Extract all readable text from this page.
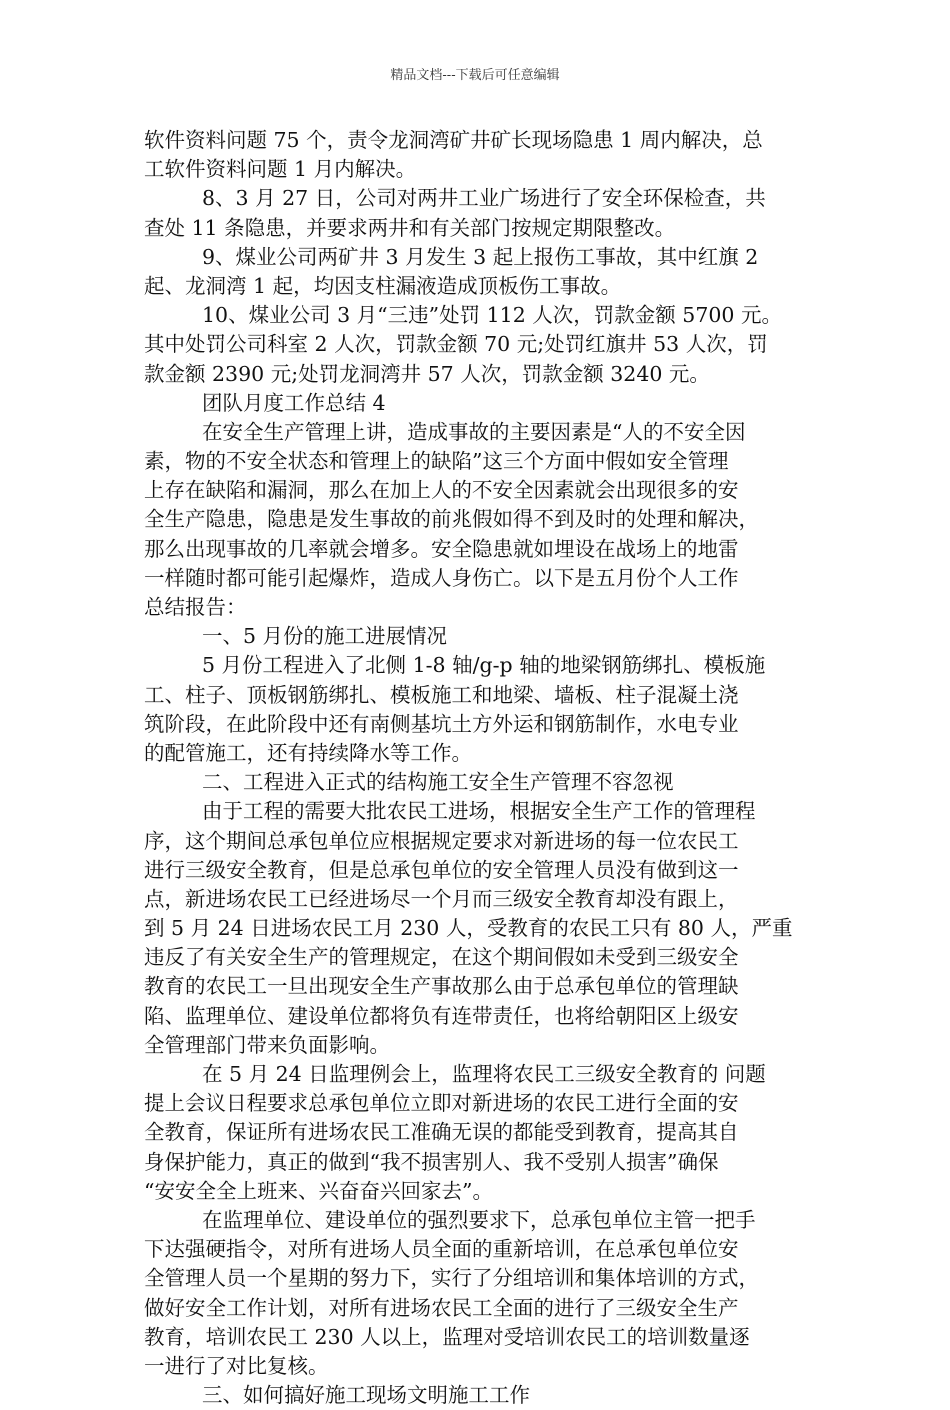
精品文档---下载后可任意编辑
软件资料问题 75 个，责令龙洞湾矿井矿长现场隐患 1 周内解决，总
工软件资料问题 1 月内解决。
8、3 月 27 日，公司对两井工业广场进行了安全环保检查，共
查处 11 条隐患，并要求两井和有关部门按规定期限整改。
9、煤业公司两矿井 3 月发生 3 起上报伤工事故，其中红旗 2
起、龙洞湾 1 起，均因支柱漏液造成顶板伤工事故。
10、煤业公司 3 月“三违”处罚 112 人次，罚款金额 5700 元。
其中处罚公司科室 2 人次，罚款金额 70 元;处罚红旗井 53 人次，罚
款金额 2390 元;处罚龙洞湾井 57 人次，罚款金额 3240 元。
团队月度工作总结 4
在安全生产管理上讲，造成事故的主要因素是“人的不安全因
素，物的不安全状态和管理上的缺陷”这三个方面中假如安全管理
上存在缺陷和漏洞，那么在加上人的不安全因素就会出现很多的安
全生产隐患，隐患是发生事故的前兆假如得不到及时的处理和解决，
那么出现事故的几率就会增多。安全隐患就如埋设在战场上的地雷
一样随时都可能引起爆炸，造成人身伤亡。以下是五月份个人工作
总结报告：
一、5 月份的施工进展情况
5 月份工程进入了北侧 1-8 轴/g-p 轴的地梁钢筋绑扎、模板施
工、柱子、顶板钢筋绑扎、模板施工和地梁、墙板、柱子混凝土浇
筑阶段，在此阶段中还有南侧基坑土方外运和钢筋制作，水电专业
的配管施工，还有持续降水等工作。
二、工程进入正式的结构施工安全生产管理不容忽视
由于工程的需要大批农民工进场，根据安全生产工作的管理程
序，这个期间总承包单位应根据规定要求对新进场的每一位农民工
进行三级安全教育，但是总承包单位的安全管理人员没有做到这一
点，新进场农民工已经进场尽一个月而三级安全教育却没有跟上，
到 5 月 24 日进场农民工月 230 人，受教育的农民工只有 80 人，严重
违反了有关安全生产的管理规定，在这个期间假如未受到三级安全
教育的农民工一旦出现安全生产事故那么由于总承包单位的管理缺
陷、监理单位、建设单位都将负有连带责任，也将给朝阳区上级安
全管理部门带来负面影响。
在 5 月 24 日监理例会上，监理将农民工三级安全教育的 问题
提上会议日程要求总承包单位立即对新进场的农民工进行全面的安
全教育，保证所有进场农民工准确无误的都能受到教育，提高其自
身保护能力，真正的做到“我不损害别人、我不受别人损害”确保
“安安全全上班来、兴奋奋兴回家去”。
在监理单位、建设单位的强烈要求下，总承包单位主管一把手
下达强硬指令，对所有进场人员全面的重新培训，在总承包单位安
全管理人员一个星期的努力下，实行了分组培训和集体培训的方式，
做好安全工作计划，对所有进场农民工全面的进行了三级安全生产
教育，培训农民工 230 人以上，监理对受培训农民工的培训数量逐
一进行了对比复核。
三、如何搞好施工现场文明施工工作
